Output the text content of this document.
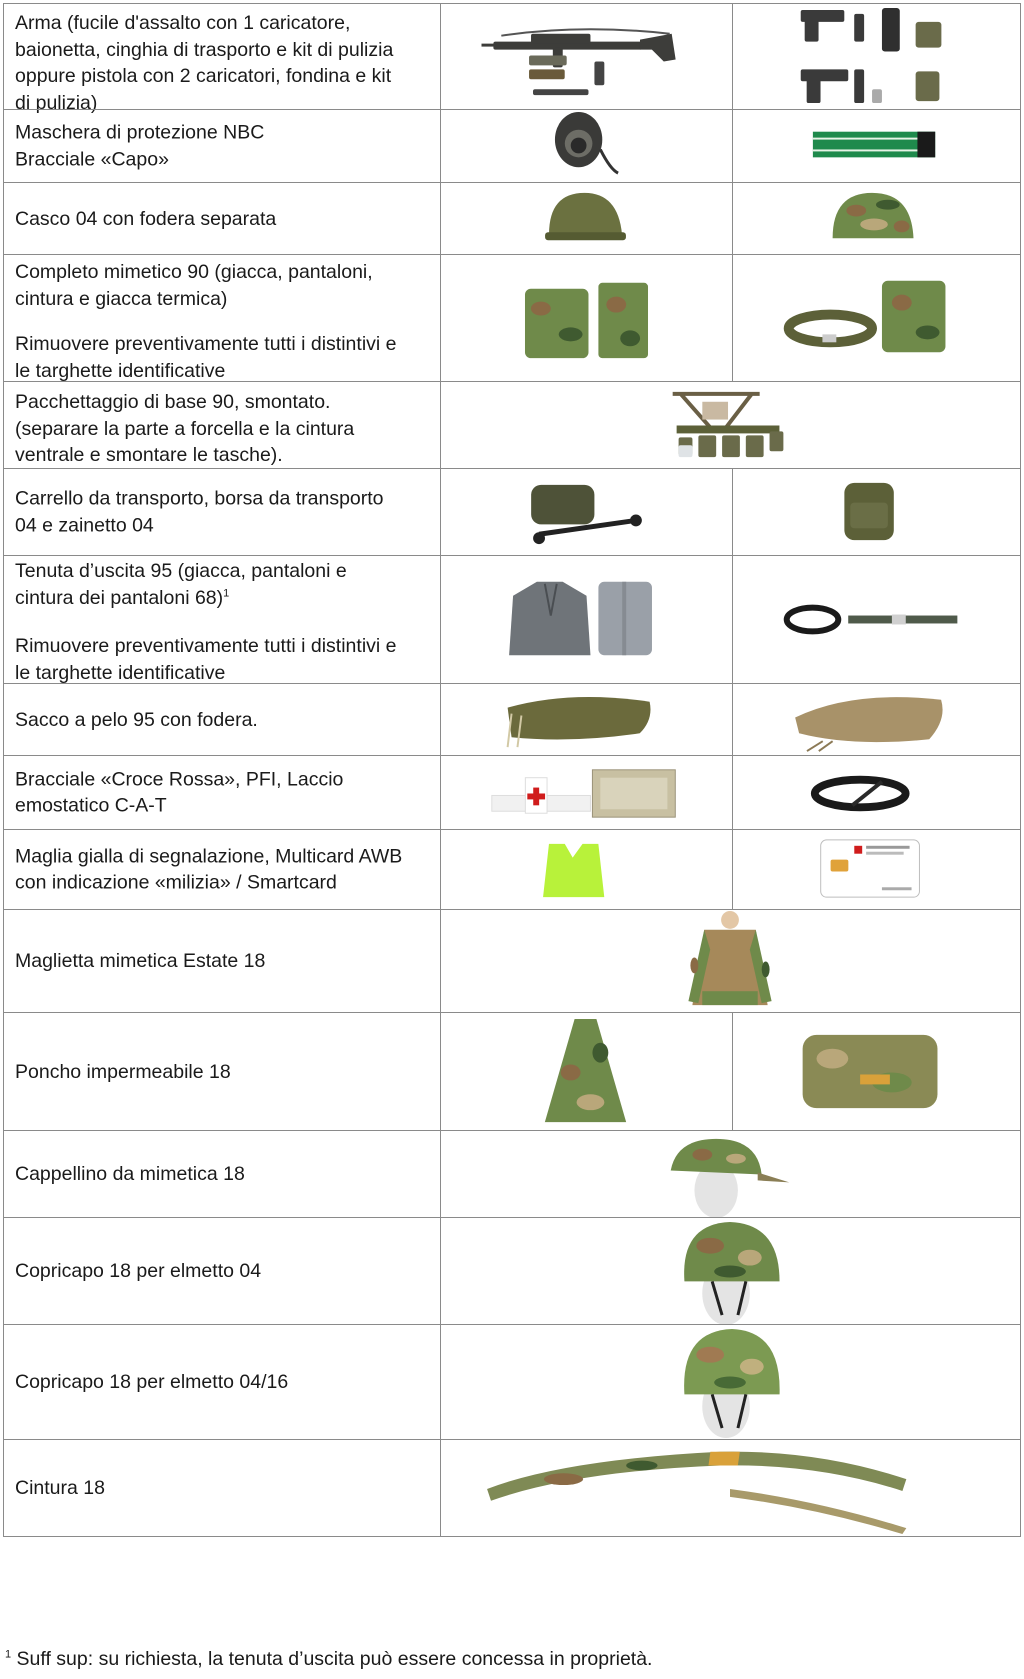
Arma (fucile d'assalto con 1 caricatore,

baionetta, cinghia di trasporto e kit di pulizia

oppure pistola con 2 caricatori, fondina e kit

di pulizia)

Maschera di protezione NBC

Bracciale «Capo»

Casco 04 con fodera separata

Completo mimetico 90 (giacca, pantaloni,

cintura e giacca termica)

Rimuovere preventivamente tutti i distintivi e

le targhette identificative

Pacchettaggio di base 90, smontato.

(separare la parte a forcella e la cintura

ventrale e smontare le tasche).

Carrello da transporto, borsa da transporto

04 e zainetto 04

Tenuta d’uscita 95 (giacca, pantaloni e

cintura dei pantaloni 68)$^1$

Rimuovere preventivamente tutti i distintivi e

le targhette identificative

Sacco a pelo 95 con fodera.

Bracciale «Croce Rossa», PFI, Laccio

emostatico C-A-T

Maglia gialla di segnalazione, Multicard AWB

con indicazione «milizia» / Smartcard

Maglietta mimetica Estate 18

Poncho impermeabile 18

Cappellino da mimetica 18

Copricapo 18 per elmetto 04

Copricapo 18 per elmetto 04/16

Cintura 18

$^1$ Suff sup: su richiesta, la tenuta d’uscita può essere concessa in proprietà.
